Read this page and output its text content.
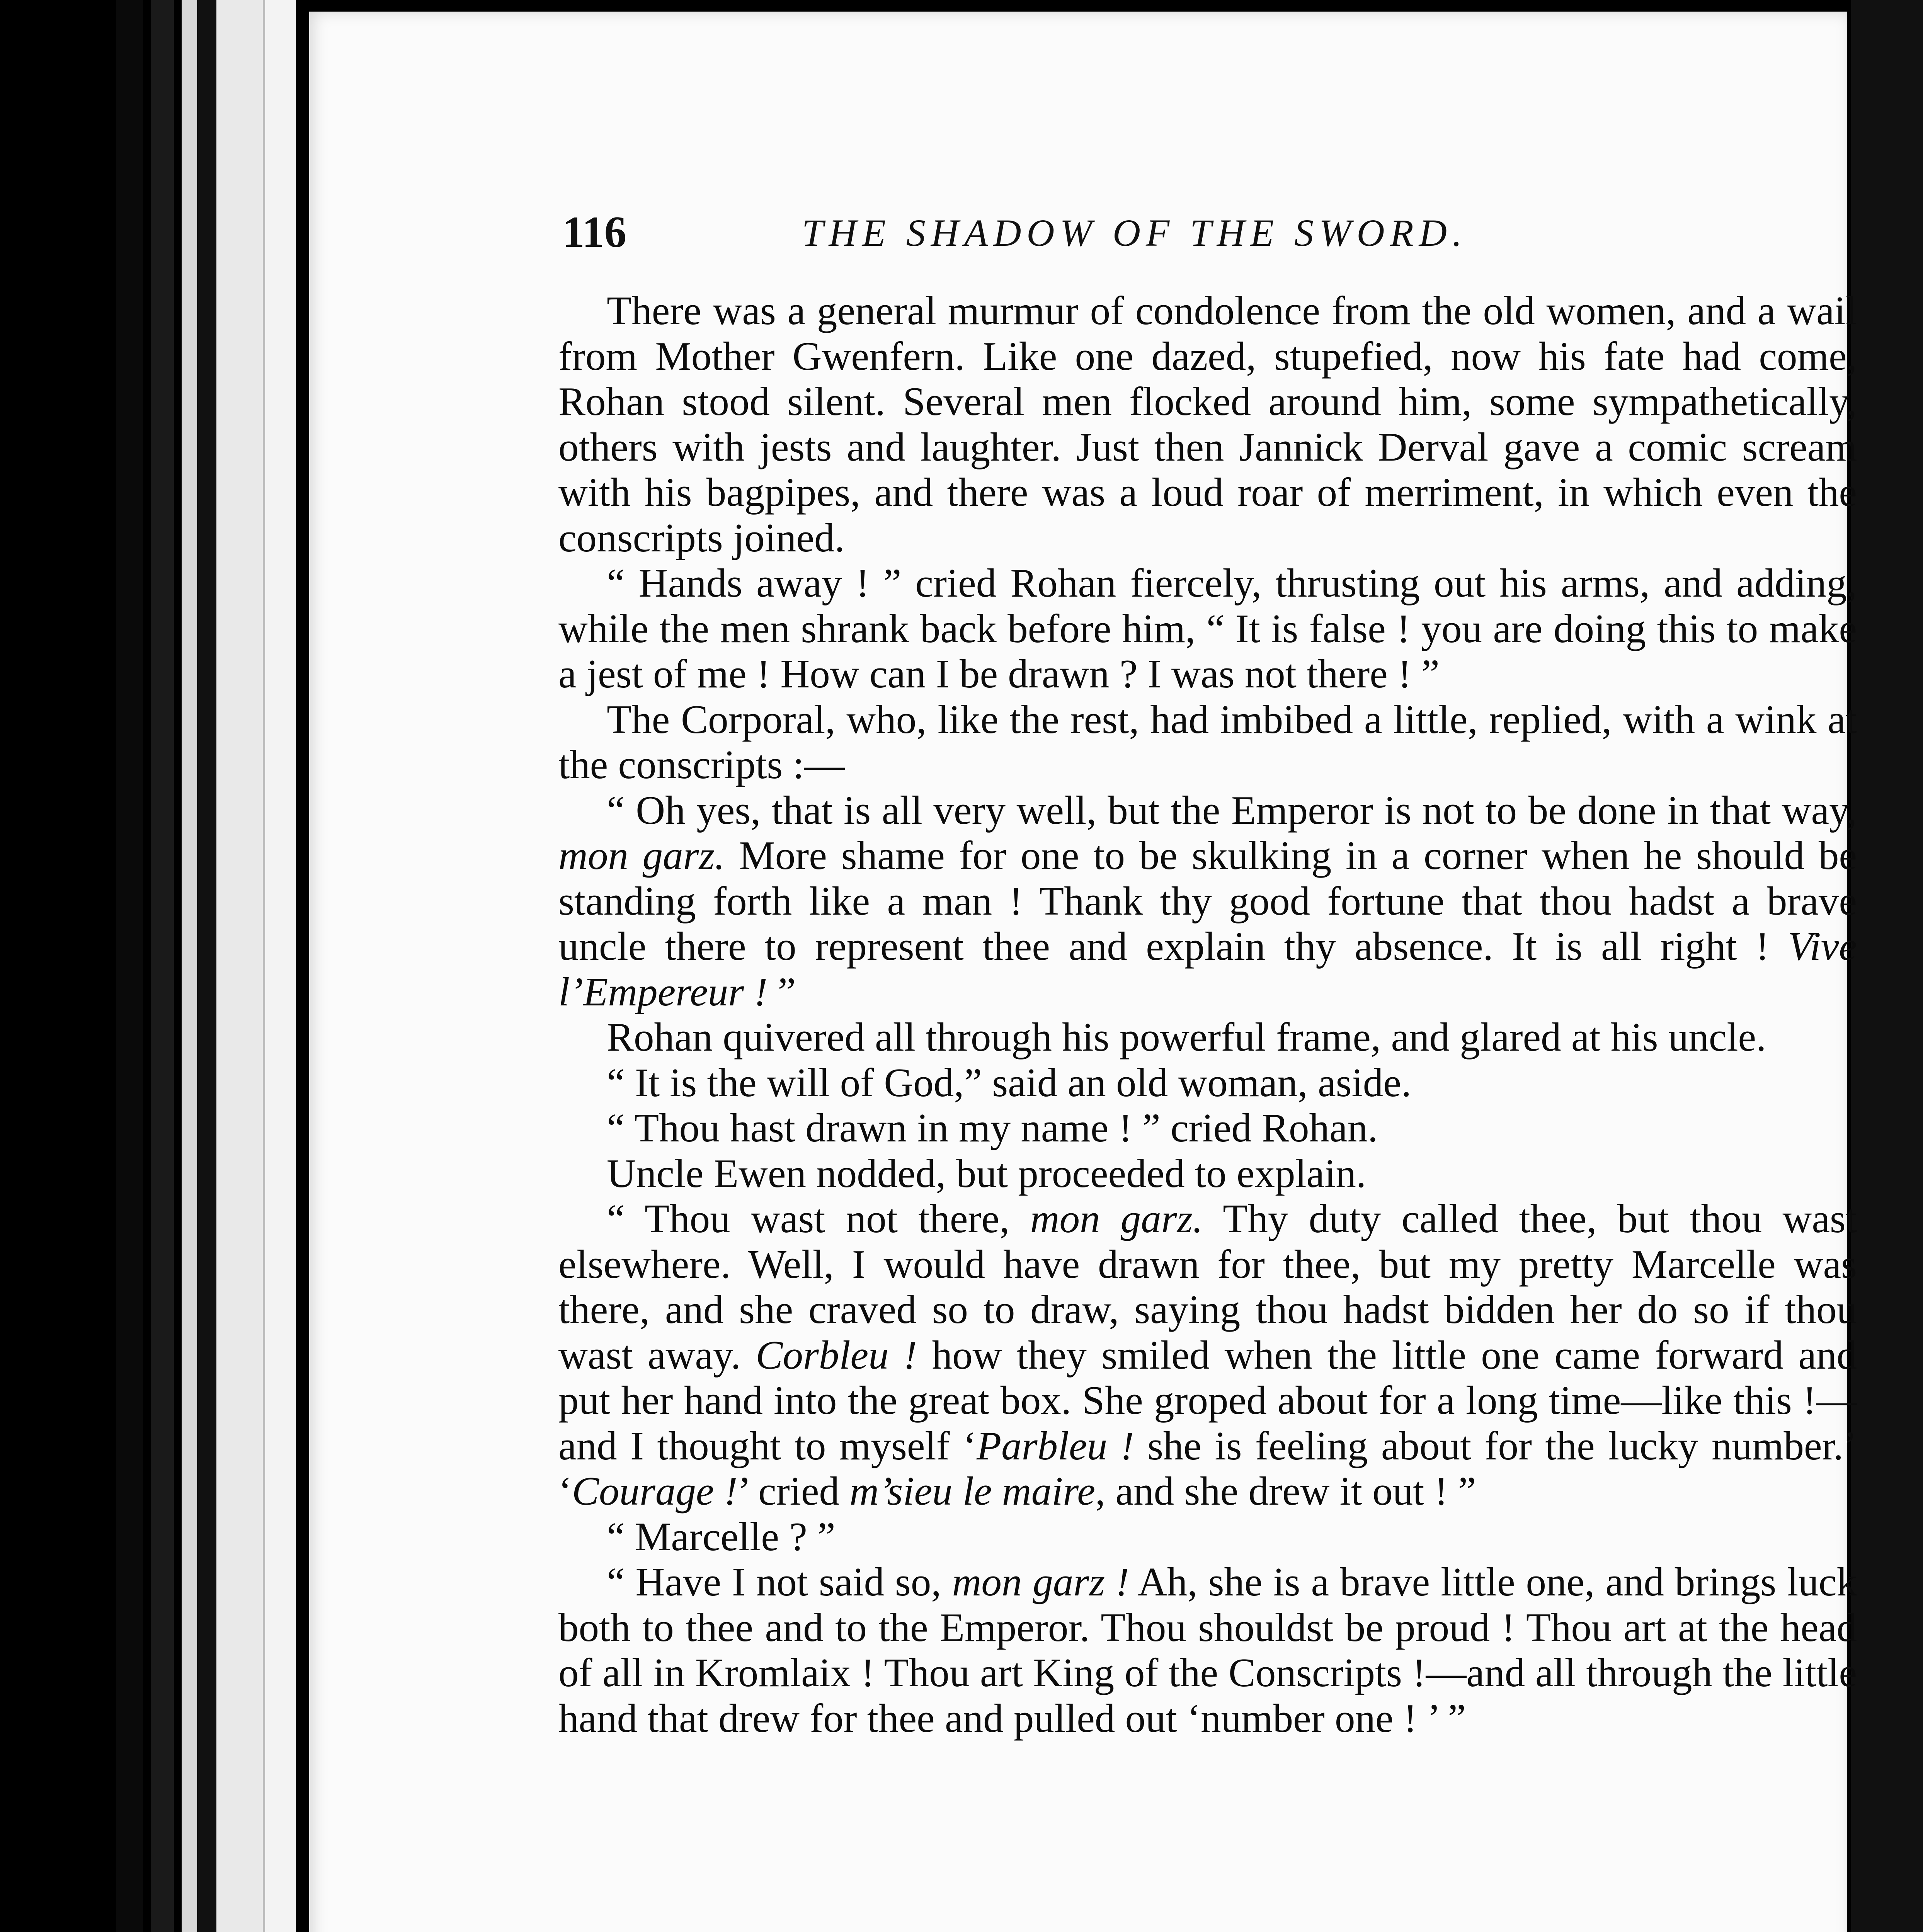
116	THE SHADOW OF THE SWORD.

There was a general murmur of condolence from the old women, and a wail from Mother Gwenfern. Like one dazed, stupefied, now his fate had come, Rohan stood silent. Several men flocked around him, some sympathetically, others with jests and laughter. Just then Jannick Derval gave a comic scream with his bagpipes, and there was a loud roar of merriment, in which even the conscripts joined.

“ Hands away ! ” cried Rohan fiercely, thrusting out his arms, and adding, while the men shrank back before him, “ It is false ! you are doing this to make a jest of me ! How can I be drawn ? I was not there ! ”

The Corporal, who, like the rest, had imbibed a little, replied, with a wink at the conscripts :—

“ Oh yes, that is all very well, but the Emperor is not to be done in that way, mon garz. More shame for one to be skulking in a corner when he should be standing forth like a man ! Thank thy good fortune that thou hadst a brave uncle there to represent thee and explain thy absence. It is all right ! Vive l’Empereur ! ”

Rohan quivered all through his powerful frame, and glared at his uncle.

“ It is the will of God,” said an old woman, aside.

“ Thou hast drawn in my name ! ” cried Rohan.

Uncle Ewen nodded, but proceeded to explain.

“ Thou wast not there, mon garz. Thy duty called thee, but thou wast elsewhere. Well, I would have drawn for thee, but my pretty Marcelle was there, and she craved so to draw, saying thou hadst bidden her do so if thou wast away. Corbleu ! how they smiled when the little one came forward and put her hand into the great box. She groped about for a long time—like this !—and I thought to myself ‘Parbleu ! she is feeling about for the lucky number.’ ‘Courage !’ cried m’sieu le maire, and she drew it out ! ”

“ Marcelle ? ”

“ Have I not said so, mon garz ! Ah, she is a brave little one, and brings luck both to thee and to the Emperor. Thou shouldst be proud ! Thou art at the head of all in Kromlaix ! Thou art King of the Conscripts !—and all through the little hand that drew for thee and pulled out ‘number one ! ’ ”
